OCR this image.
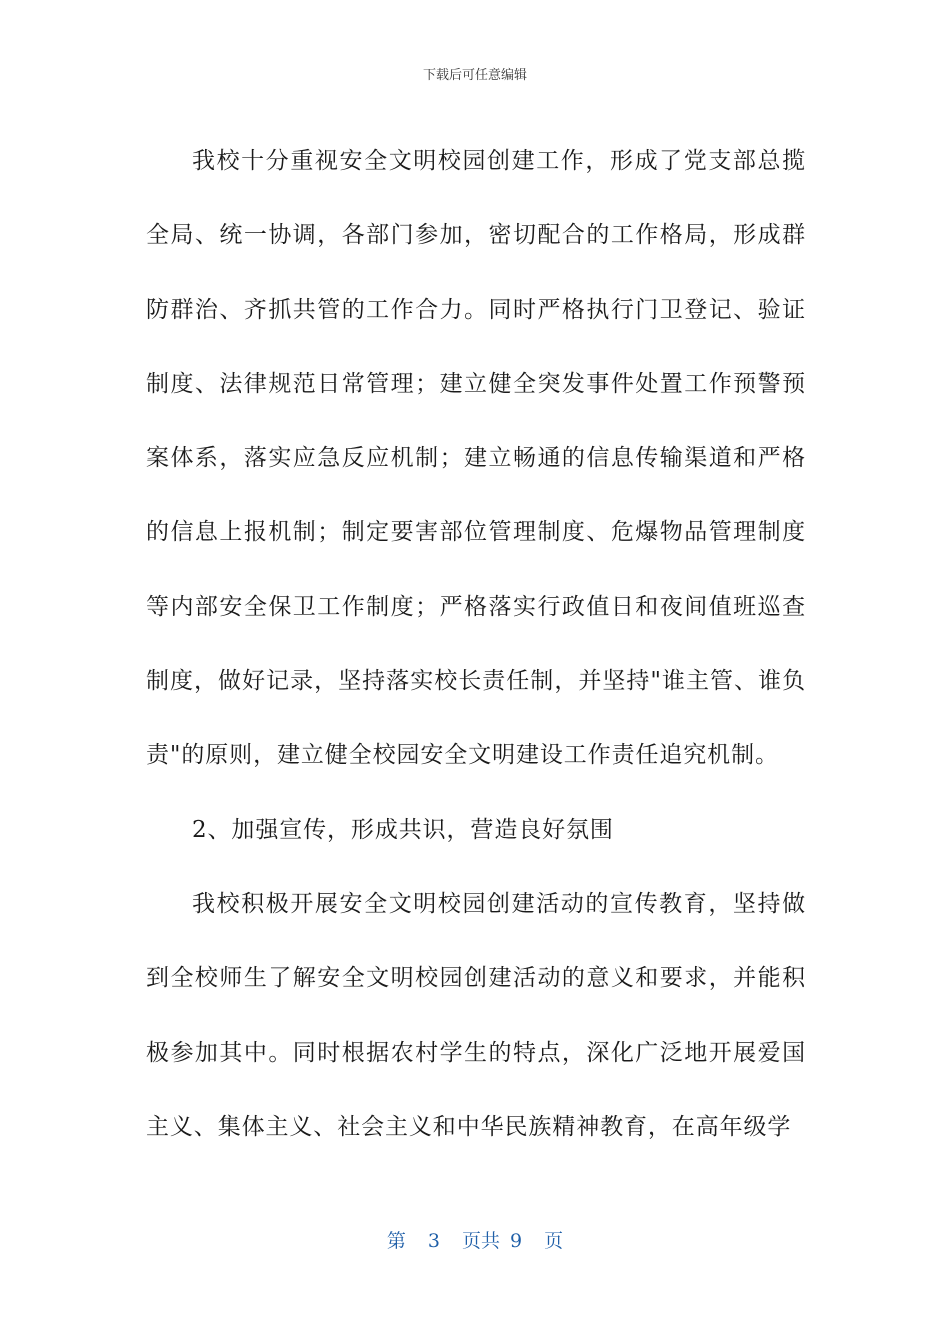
下载后可任意编辑

我校十分重视安全文明校园创建工作，形成了党支部总揽全局、统一协调，各部门参加，密切配合的工作格局，形成群防群治、齐抓共管的工作合力。同时严格执行门卫登记、验证制度、法律规范日常管理；建立健全突发事件处置工作预警预案体系，落实应急反应机制；建立畅通的信息传输渠道和严格的信息上报机制；制定要害部位管理制度、危爆物品管理制度等内部安全保卫工作制度；严格落实行政值日和夜间值班巡查制度，做好记录，坚持落实校长责任制，并坚持"谁主管、谁负责"的原则，建立健全校园安全文明建设工作责任追究机制。

2、加强宣传，形成共识，营造良好氛围

我校积极开展安全文明校园创建活动的宣传教育，坚持做到全校师生了解安全文明校园创建活动的意义和要求，并能积极参加其中。同时根据农村学生的特点，深化广泛地开展爱国主义、集体主义、社会主义和中华民族精神教育，在高年级学

第 3 页共 9 页
